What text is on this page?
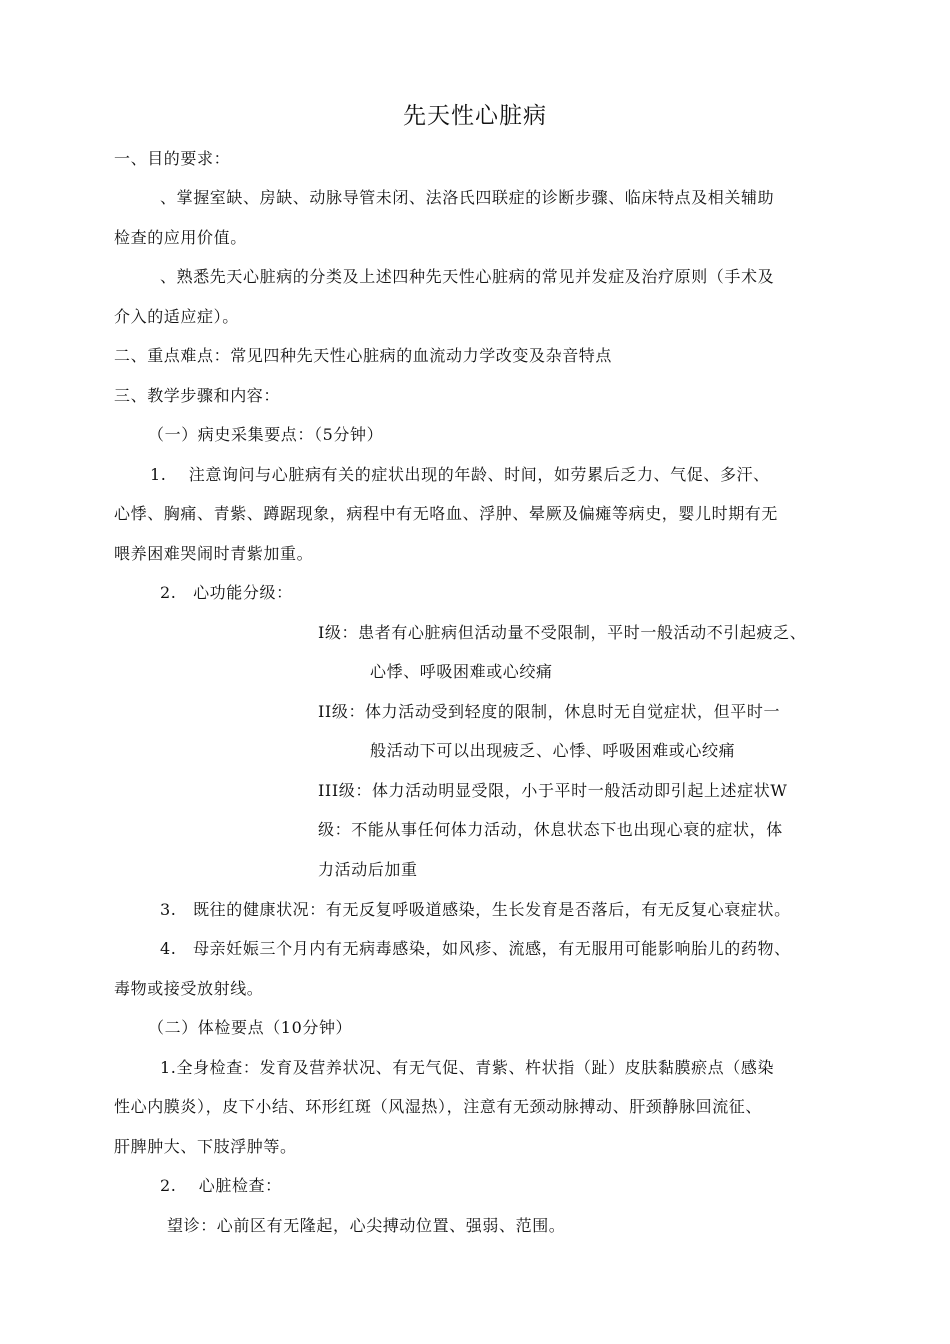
先天性心脏病
一、目的要求：
、掌握室缺、房缺、动脉导管未闭、法洛氏四联症的诊断步骤、临床特点及相关辅助
检查的应用价值。
、熟悉先天心脏病的分类及上述四种先天性心脏病的常见并发症及治疗原则（手术及
介入的适应症）。
二、重点难点：常见四种先天性心脏病的血流动力学改变及杂音特点
三、教学步骤和内容：
（一）病史采集要点：（5分钟）
1.　 注意询问与心脏病有关的症状出现的年龄、时间，如劳累后乏力、气促、多汗、
心悸、胸痛、青紫、蹲踞现象，病程中有无咯血、浮肿、晕厥及偏瘫等病史，婴儿时期有无
喂养困难哭闹时青紫加重。
2.　心功能分级：
I级：患者有心脏病但活动量不受限制，平时一般活动不引起疲乏、
心悸、呼吸困难或心绞痛
II级：体力活动受到轻度的限制，休息时无自觉症状，但平时一
般活动下可以出现疲乏、心悸、呼吸困难或心绞痛
III级：体力活动明显受限，小于平时一般活动即引起上述症状W
级：不能从事任何体力活动，休息状态下也出现心衰的症状，体
力活动后加重
3.　既往的健康状况：有无反复呼吸道感染，生长发育是否落后，有无反复心衰症状。
4.　母亲妊娠三个月内有无病毒感染，如风疹、流感，有无服用可能影响胎儿的药物、
毒物或接受放射线。
（二）体检要点（10分钟）
1.全身检查：发育及营养状况、有无气促、青紫、杵状指（趾）皮肤黏膜瘀点（感染
性心内膜炎），皮下小结、环形红斑（风湿热），注意有无颈动脉搏动、肝颈静脉回流征、
肝脾肿大、下肢浮肿等。
2.　 心脏检查：
望诊：心前区有无隆起，心尖搏动位置、强弱、范围。
